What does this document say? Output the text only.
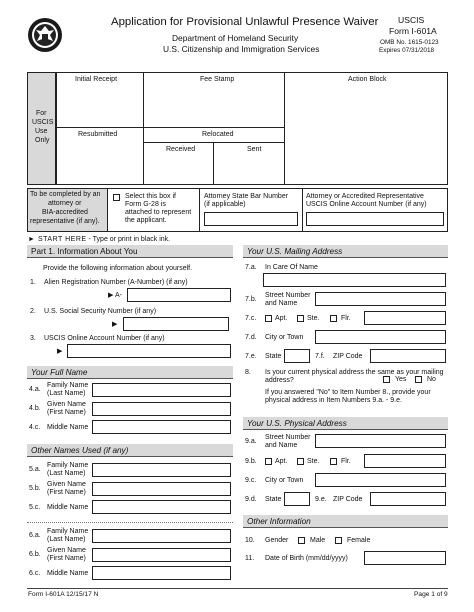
Application for Provisional Unlawful Presence Waiver
Department of Homeland Security
U.S. Citizenship and Immigration Services
USCIS
Form I-601A
OMB No. 1615-0123
Expires 07/31/2018
For
USCIS
Use
Only
Initial Receipt	Fee Stamp	Action Block
Resubmitted	Relocated
Received	Sent
To be completed by an
attorney or
BIA-accredited
representative (if any).
Select this box if
Form G-28 is
attached to represent
the applicant.
Attorney State Bar Number
(if applicable)
Attorney or Accredited Representative
USCIS Online Account Number (if any)
► START HERE - Type or print in black ink.
Part 1. Information About You
Provide the following information about yourself.
1. Alien Registration Number (A-Number) (if any)
▶ A-
2. U.S. Social Security Number (if any)
▶
3. USCIS Online Account Number (if any)
▶
Your Full Name
4.a.
Family Name
(Last Name)
4.b.
Given Name
(First Name)
4.c. Middle Name
Other Names Used (if any)
5.a.
Family Name
(Last Name)
5.b.
Given Name
(First Name)
5.c. Middle Name
6.a.
Family Name
(Last Name)
6.b.
Given Name
(First Name)
6.c. Middle Name
Your U.S. Mailing Address
7.a. In Care Of Name
7.b.
Street Number
and Name
7.c.	Apt.	Ste.	Flr.
7.d. City or Town
7.e. State	7.f. ZIP Code
8. Is your current physical address the same as your mailing
address?	Yes	No
If you answered "No" to Item Number 8., provide your
physical address in Item Numbers 9.a. - 9.e.
Your U.S. Physical Address
9.a.
Street Number
and Name
9.b.	Apt.	Ste.	Flr.
9.c. City or Town
9.d. State	9.e. ZIP Code
Other Information
10. Gender	Male	Female
11. Date of Birth (mm/dd/yyyy)
Form I-601A 12/15/17 N	Page 1 of 9
